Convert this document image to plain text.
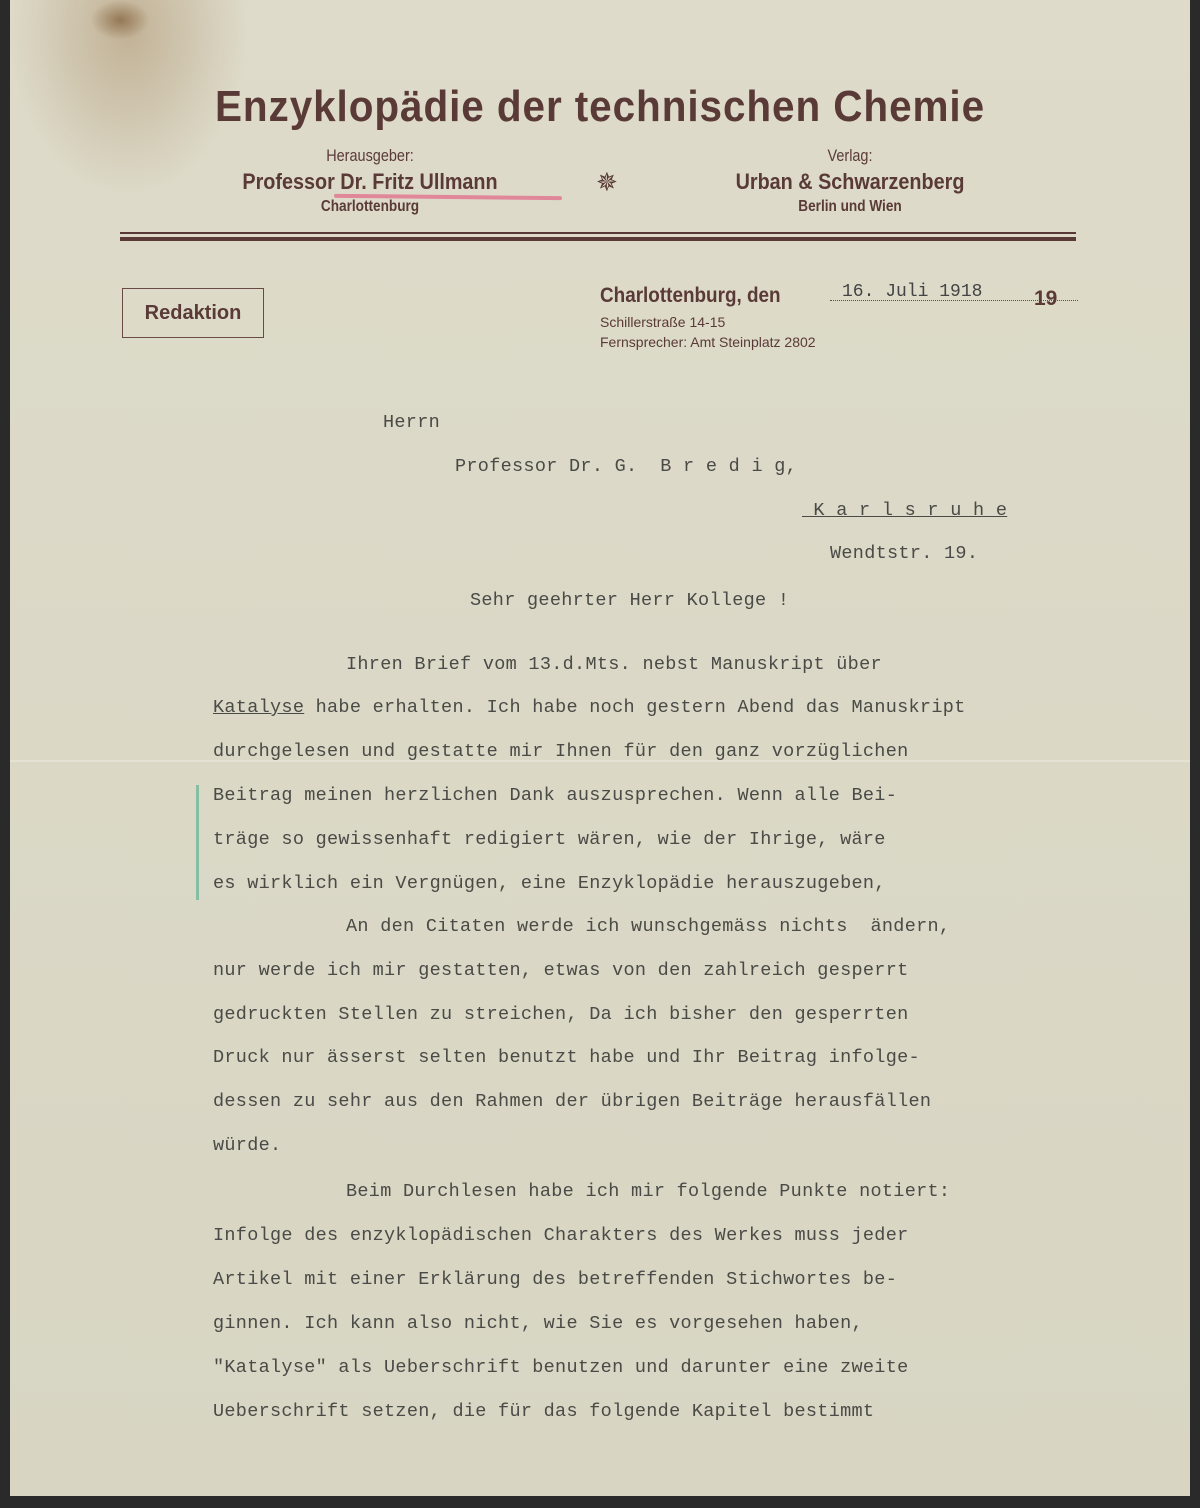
Enzyklopädie der technischen Chemie
Herausgeber:
Professor Dr. Fritz Ullmann
Charlottenburg
✵
Verlag:
Urban & Schwarzenberg
Berlin und Wien
Redaktion
Charlottenburg, den	16. Juli 1918 19
Schillerstraße 14-15
Fernsprecher: Amt Steinplatz 2802
Herrn
Professor Dr. G.  B r e d i g,
K a r l s r u h e
Wendtstr. 19.
Sehr geehrter Herr Kollege !
Ihren Brief vom 13.d.Mts. nebst Manuskript über
Katalyse habe erhalten. Ich habe noch gestern Abend das Manuskript
durchgelesen und gestatte mir Ihnen für den ganz vorzüglichen
Beitrag meinen herzlichen Dank auszusprechen. Wenn alle Bei-
träge so gewissenhaft redigiert wären, wie der Ihrige, wäre
es wirklich ein Vergnügen, eine Enzyklopädie herauszugeben,
An den Citaten werde ich wunschgemäss nichts  ändern,
nur werde ich mir gestatten, etwas von den zahlreich gesperrt
gedruckten Stellen zu streichen, Da ich bisher den gesperrten
Druck nur ässerst selten benutzt habe und Ihr Beitrag infolge-
dessen zu sehr aus den Rahmen der übrigen Beiträge herausfällen
würde.
Beim Durchlesen habe ich mir folgende Punkte notiert:
Infolge des enzyklopädischen Charakters des Werkes muss jeder
Artikel mit einer Erklärung des betreffenden Stichwortes be-
ginnen. Ich kann also nicht, wie Sie es vorgesehen haben,
"Katalyse" als Ueberschrift benutzen und darunter eine zweite
Ueberschrift setzen, die für das folgende Kapitel bestimmt
